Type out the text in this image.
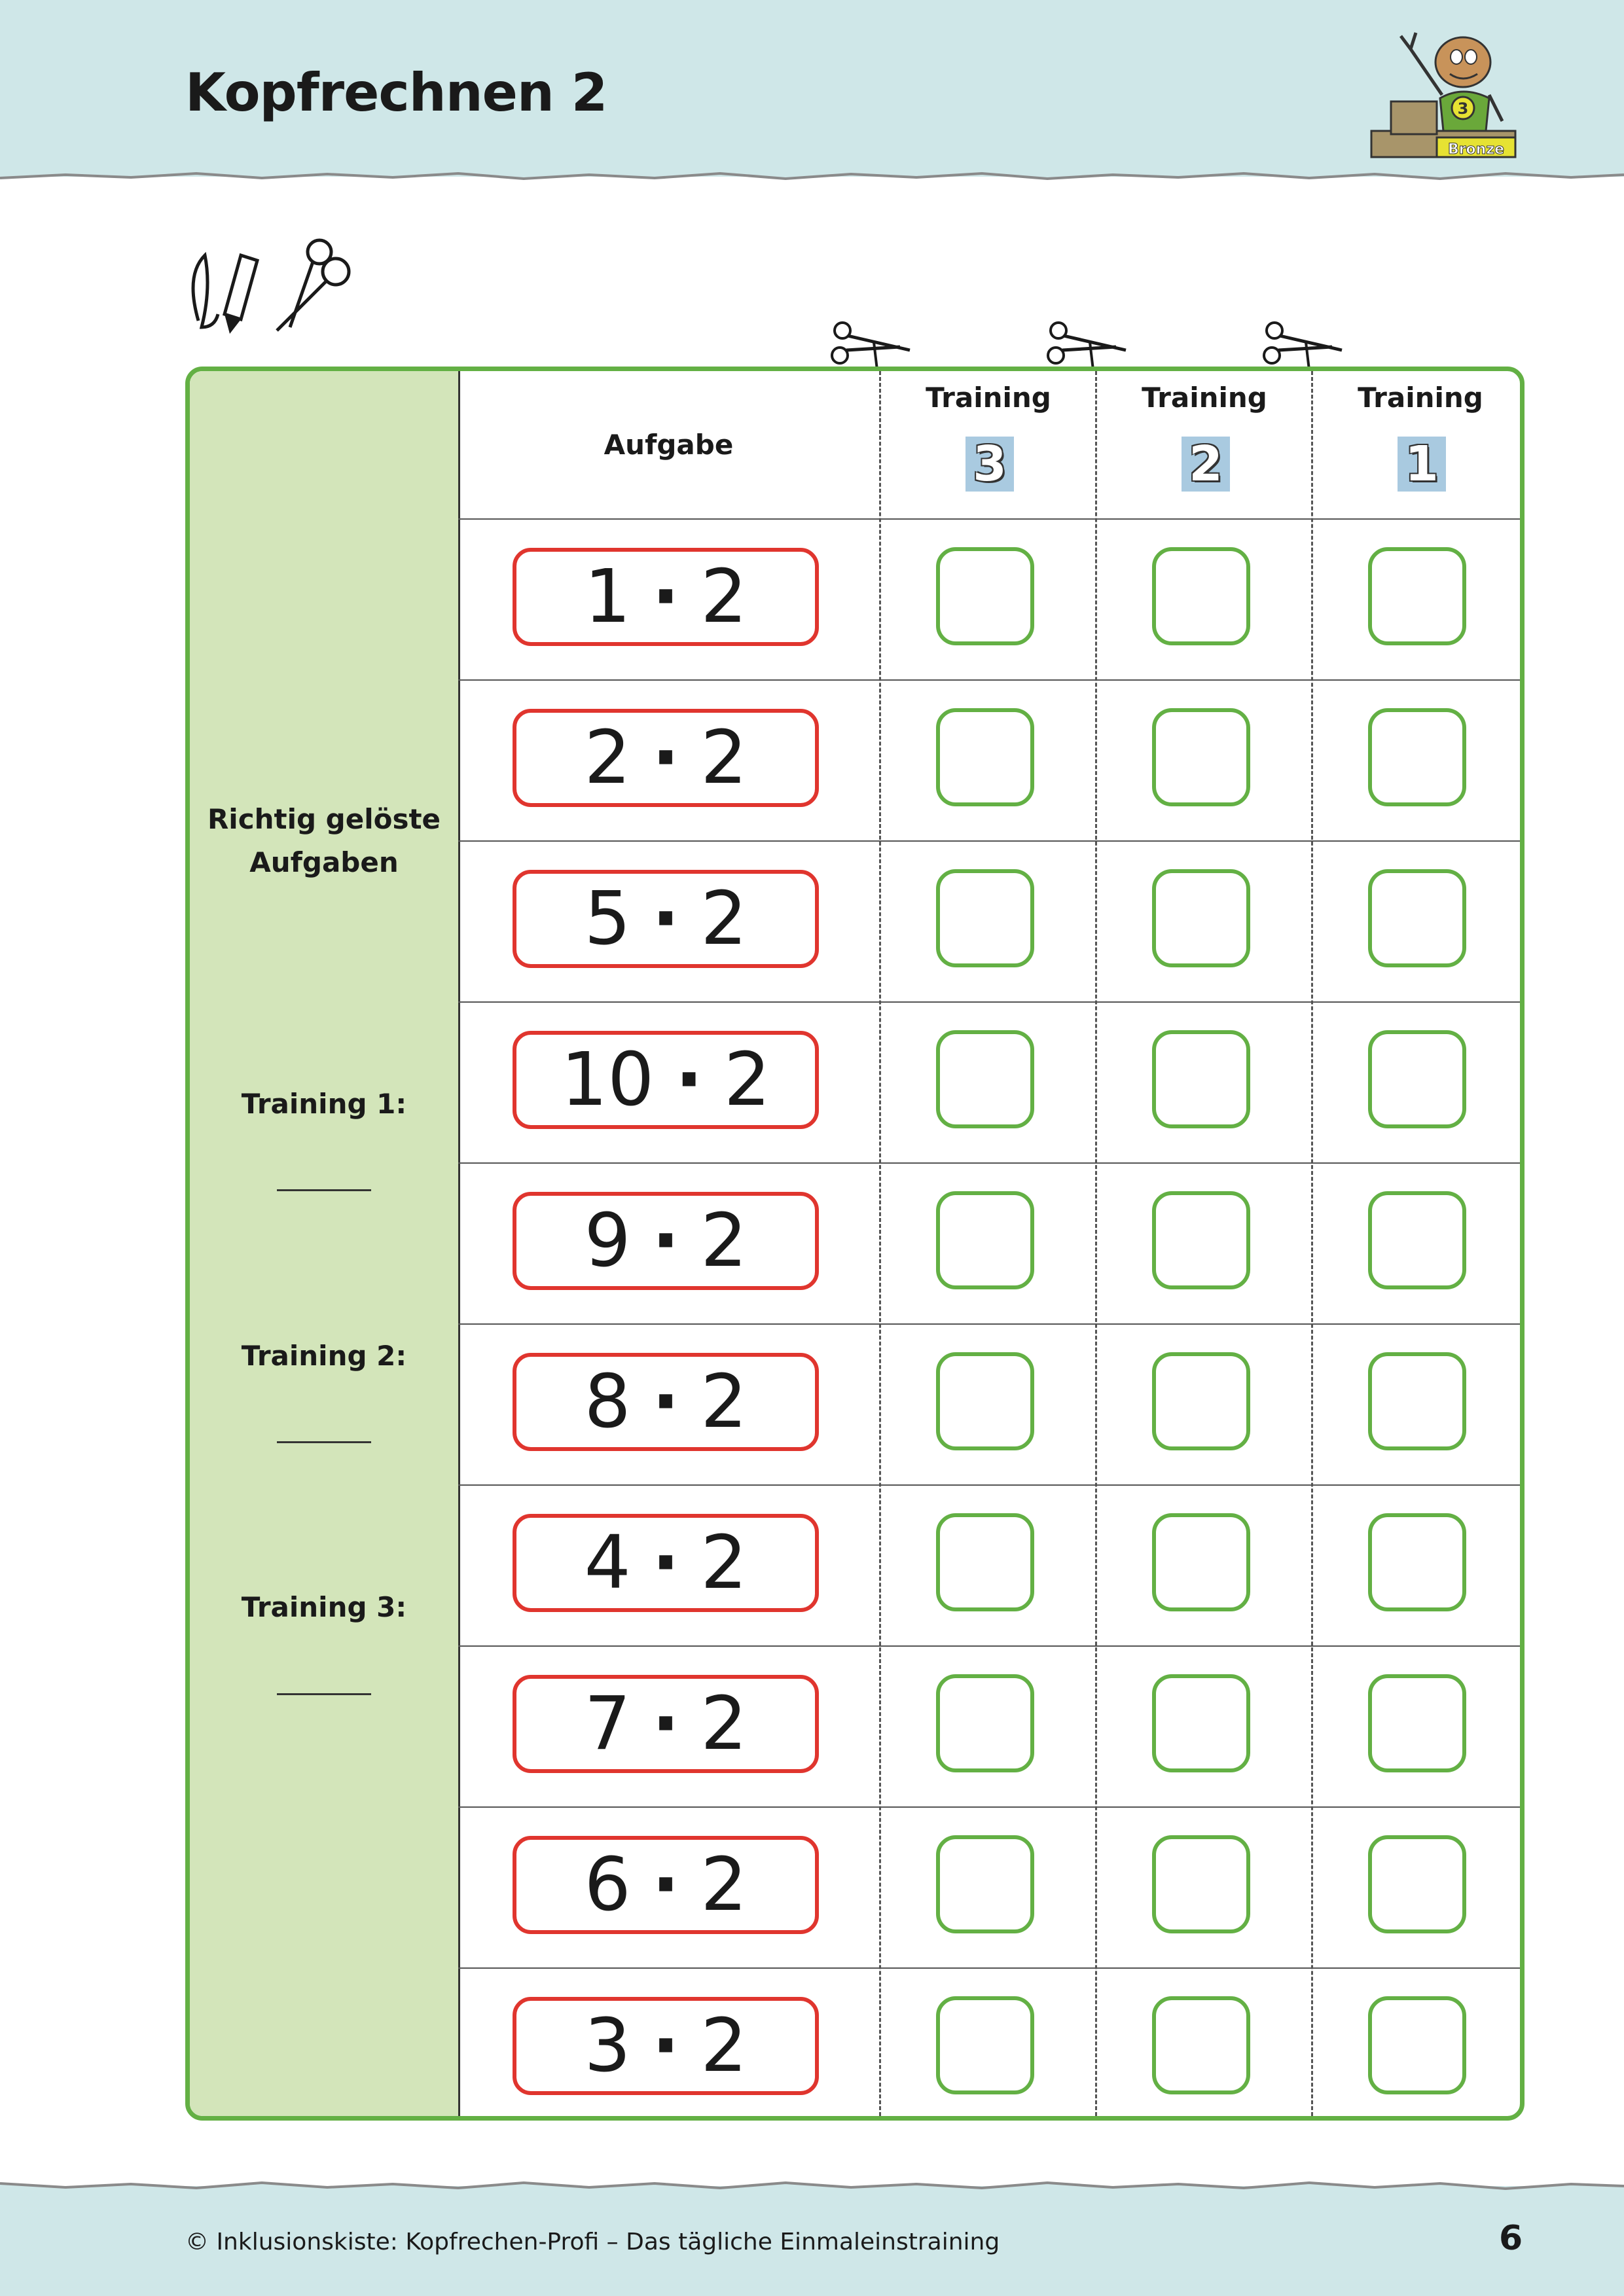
Kopfrechnen 2
Bronze
3
Richtig gelöste
Aufgaben
Training 1:
Training 2:
Training 3:
Aufgabe
Training
3
Training
2
Training
1
1 · 2
2 · 2
5 · 2
10 · 2
9 · 2
8 · 2
4 · 2
7 · 2
6 · 2
3 · 2
© Inklusionskiste: Kopfrechen-Profi – Das tägliche Einmaleinstraining	6
